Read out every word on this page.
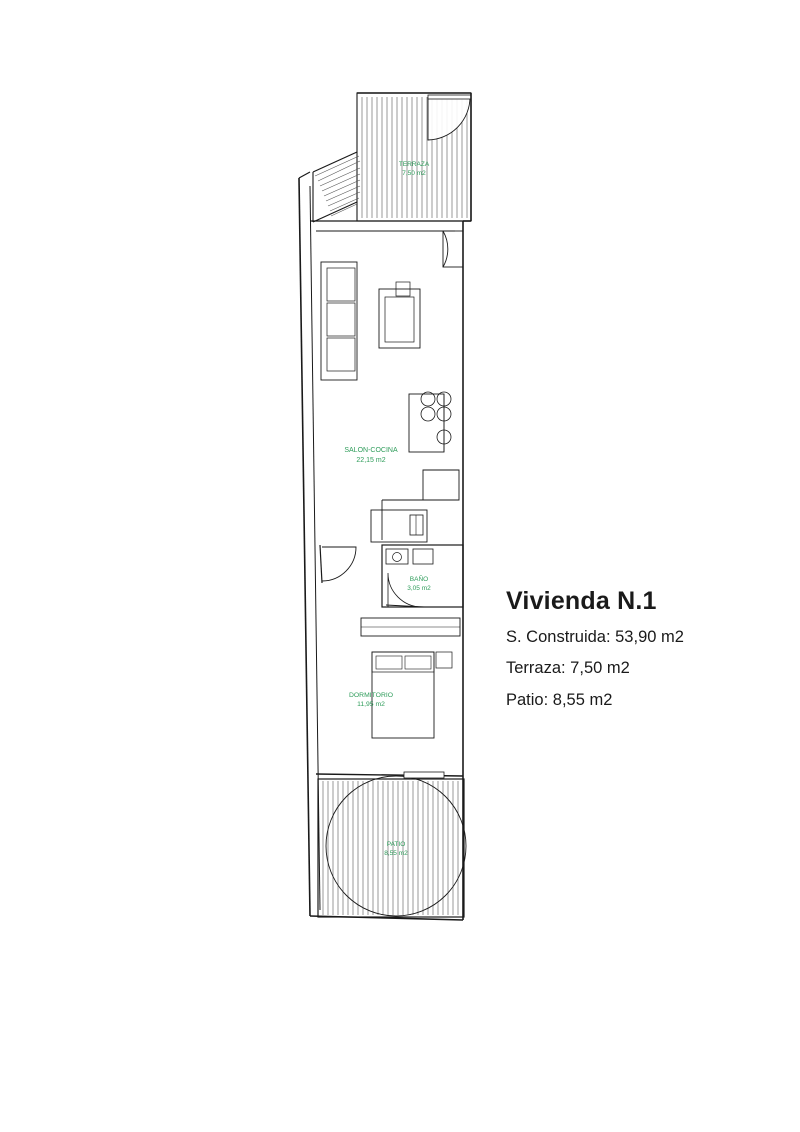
TERRAZA
7,50 m2
SALON-COCINA
22,15 m2
BAÑO
3,05 m2
DORMITORIO
11,95 m2
PATIO
8,55 m2
Vivienda N.1
S. Construida: 53,90 m2
Terraza: 7,50 m2
Patio: 8,55 m2
